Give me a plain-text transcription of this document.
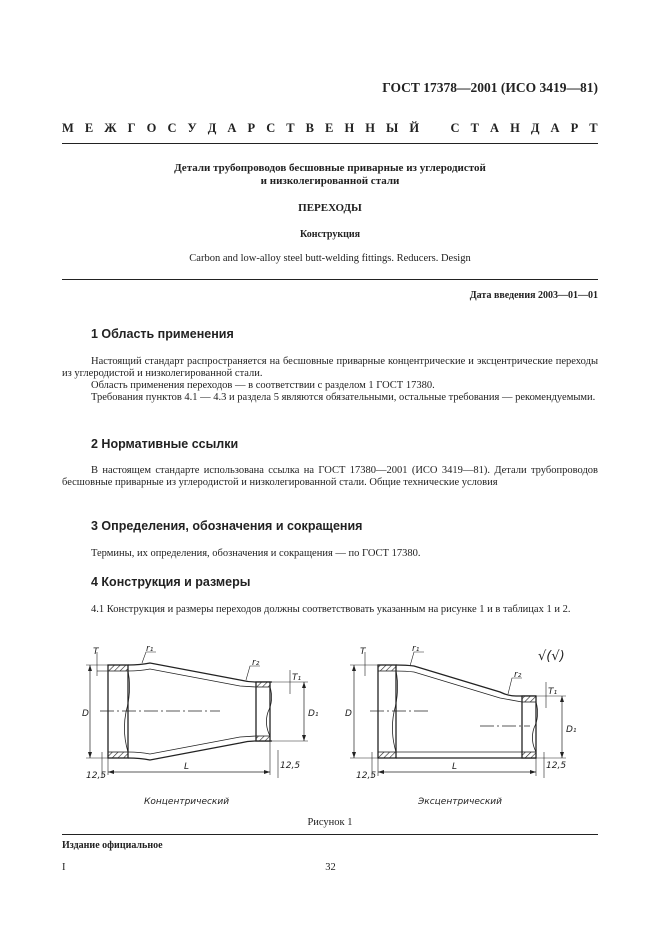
ГОСТ 17378—2001 (ИСО 3419—81)
М Е Ж Г О С У Д А Р С Т В Е Н Н Ы Й
	С Т А Н Д А Р Т
Детали трубопроводов бесшовные приварные из углеродистой
и низколегированной стали
ПЕРЕХОДЫ
Конструкция
Carbon and low-alloy steel butt-welding fittings. Reducers. Design
Дата введения 2003—01—01
1 Область применения

Настоящий стандарт распространяется на бесшовные приварные концентрические и эксцентрические переходы из углеродистой и низколегированной стали.

Область применения переходов — в соответствии с разделом 1 ГОСТ 17380.

Требования пунктов 4.1 — 4.3 и раздела 5 являются обязательными, остальные требования — рекомендуемыми.

2 Нормативные ссылки

В настоящем стандарте использована ссылка на ГОСТ 17380—2001 (ИСО 3419—81). Детали трубопроводов бесшовные приварные из углеродистой и низколегированной стали. Общие технические условия

3 Определения, обозначения и сокращения

Термины, их определения, обозначения и сокращения — по ГОСТ 17380.

4 Конструкция и размеры

4.1 Конструкция и размеры переходов должны соответствовать указанным на рисунке 1 и в таблицах 1 и 2.

T
D
r₁
r₂
T₁
D₁
L
12,5
12,5
Концентрический
T
D
r₁
r₂
T₁
D₁
L
12,5
12,5
√(√)
Эксцентрический
Рисунок 1
Издание официальное
I	32
